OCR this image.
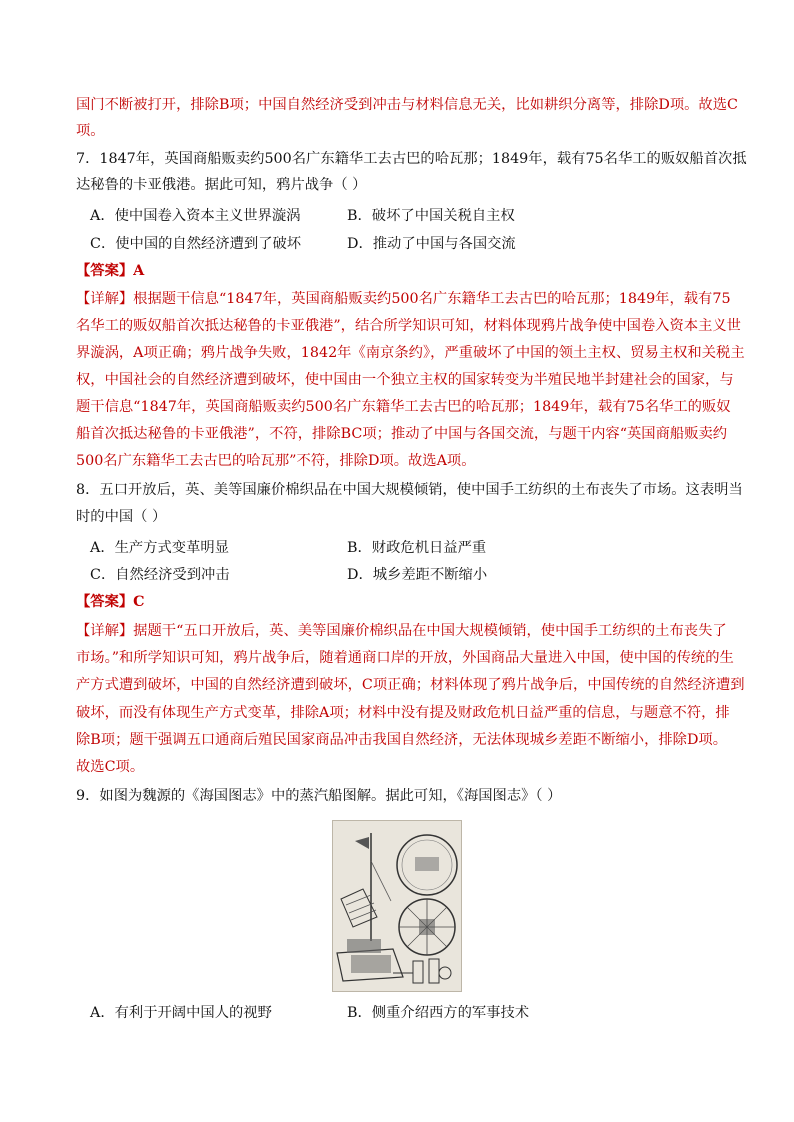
国门不断被打开，排除B项；中国自然经济受到冲击与材料信息无关，比如耕织分离等，排除D项。故选C
项。
7．1847年，英国商船贩卖约500名广东籍华工去古巴的哈瓦那；1849年，载有75名华工的贩奴船首次抵
达秘鲁的卡亚俄港。据此可知，鸦片战争（ ）
A．使中国卷入资本主义世界漩涡	B．破坏了中国关税自主权
C．使中国的自然经济遭到了破坏	D．推动了中国与各国交流
【答案】A
【详解】根据题干信息“1847年，英国商船贩卖约500名广东籍华工去古巴的哈瓦那；1849年，载有75
名华工的贩奴船首次抵达秘鲁的卡亚俄港”，结合所学知识可知，材料体现鸦片战争使中国卷入资本主义世
界漩涡，A项正确；鸦片战争失败，1842年《南京条约》，严重破坏了中国的领土主权、贸易主权和关税主
权，中国社会的自然经济遭到破坏，使中国由一个独立主权的国家转变为半殖民地半封建社会的国家，与
题干信息“1847年，英国商船贩卖约500名广东籍华工去古巴的哈瓦那；1849年，载有75名华工的贩奴
船首次抵达秘鲁的卡亚俄港”，不符，排除BC项；推动了中国与各国交流，与题干内容“英国商船贩卖约
500名广东籍华工去古巴的哈瓦那”不符，排除D项。故选A项。
8．五口开放后，英、美等国廉价棉织品在中国大规模倾销，使中国手工纺织的土布丧失了市场。这表明当
时的中国（ ）
A．生产方式变革明显	B．财政危机日益严重
C．自然经济受到冲击	D．城乡差距不断缩小
【答案】C
【详解】据题干“五口开放后，英、美等国廉价棉织品在中国大规模倾销，使中国手工纺织的土布丧失了
市场。”和所学知识可知，鸦片战争后，随着通商口岸的开放，外国商品大量进入中国，使中国的传统的生
产方式遭到破坏，中国的自然经济遭到破坏，C项正确；材料体现了鸦片战争后，中国传统的自然经济遭到
破坏，而没有体现生产方式变革，排除A项；材料中没有提及财政危机日益严重的信息，与题意不符，排
除B项；题干强调五口通商后殖民国家商品冲击我国自然经济，无法体现城乡差距不断缩小，排除D项。
故选C项。
9．如图为魏源的《海国图志》中的蒸汽船图解。据此可知，《海国图志》（ ）
A．有利于开阔中国人的视野	B．侧重介绍西方的军事技术
